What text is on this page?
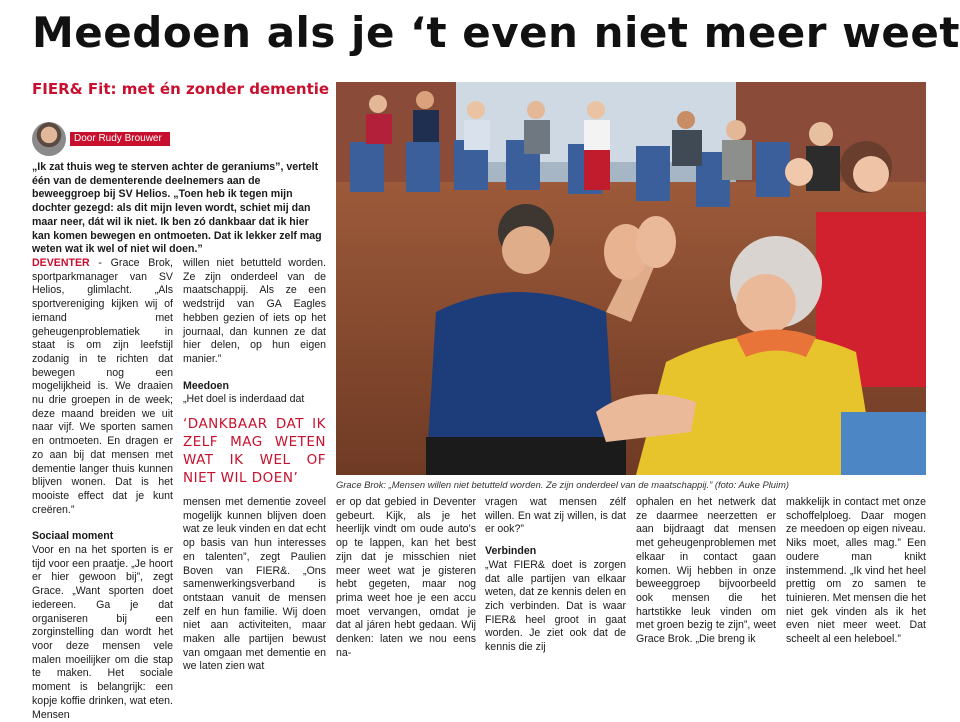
Meedoen als je ‘t even niet meer weet
FIER& Fit: met én zonder dementie
Door Rudy Brouwer
„Ik zat thuis weg te sterven achter de geraniums”, vertelt één van de dementerende deelnemers aan de beweeggroep bij SV Helios. „Toen heb ik tegen mijn dochter gezegd: als dit mijn leven wordt, schiet mij dan maar neer, dát wil ik niet. Ik ben zó dankbaar dat ik hier kan komen bewegen en ontmoeten. Dat ik lekker zelf mag weten wat ik wel of niet wil doen.”

DEVENTER - Grace Brok, sportparkmanager van SV Helios, glimlacht. „Als sportvereniging kijken wij of iemand met geheugenproblematiek in staat is om zijn leefstijl zodanig in te richten dat bewegen nog een mogelijkheid is. We draaien nu drie groepen in de week; deze maand breiden we uit naar vijf. We sporten samen en ontmoeten. En dragen er zo aan bij dat mensen met dementie langer thuis kunnen blijven wonen. Dat is het mooiste effect dat je kunt creëren.”

Sociaal moment

Voor en na het sporten is er tijd voor een praatje. „Je hoort er hier gewoon bij”, zegt Grace. „Want sporten doet iedereen. Ga je dat organiseren bij een zorginstelling dan wordt het voor deze mensen vele malen moeilijker om die stap te maken. Het sociale moment is belangrijk: een kopje koffie drinken, wat eten. Mensen

willen niet betutteld worden. Ze zijn onderdeel van de maatschappij. Als ze een wedstrijd van GA Eagles hebben gezien of iets op het journaal, dan kunnen ze dat hier delen, op hun eigen manier.”

Meedoen

„Het doel is inderdaad dat

‘DANKBAAR DAT IK ZELF MAG WETEN WAT IK WEL OF NIET WIL DOEN’	Grace Brok: „Mensen willen niet betutteld worden. Ze zijn onderdeel van de maatschappij.” (foto: Auke Pluim)

mensen met dementie zoveel mogelijk kunnen blijven doen wat ze leuk vinden en dat echt op basis van hun interesses en talenten”, zegt Paulien Boven van FIER&. „Ons samenwerkingsverband is ontstaan vanuit de mensen zelf en hun familie. Wij doen niet aan activiteiten, maar maken alle partijen bewust van omgaan met dementie en we laten zien wat

er op dat gebied in Deventer gebeurt. Kijk, als je het heerlijk vindt om oude auto’s op te lappen, kan het best zijn dat je misschien niet meer weet wat je gisteren hebt gegeten, maar nog prima weet hoe je een accu moet vervangen, omdat je dat al járen hebt gedaan. Wij denken: laten we nou eens na-

vragen wat mensen zélf willen. En wat zij willen, is dat er ook?”

Verbinden

„Wat FIER& doet is zorgen dat alle partijen van elkaar weten, dat ze kennis delen en zich verbinden. Dat is waar FIER& heel groot in gaat worden. Je ziet ook dat de kennis die zij

ophalen en het netwerk dat ze daarmee neerzetten er aan bijdraagt dat mensen met geheugenproblemen met elkaar in contact gaan komen. Wij hebben in onze beweeggroep bijvoorbeeld ook mensen die het hartstikke leuk vinden om met groen bezig te zijn”, weet Grace Brok. „Die breng ik

makkelijk in contact met onze schoffelploeg. Daar mogen ze meedoen op eigen niveau. Niks moet, alles mag.” Een oudere man knikt instemmend. „Ik vind het heel prettig om zo samen te tuinieren. Met mensen die het niet gek vinden als ik het even niet meer weet. Dat scheelt al een heleboel.”
